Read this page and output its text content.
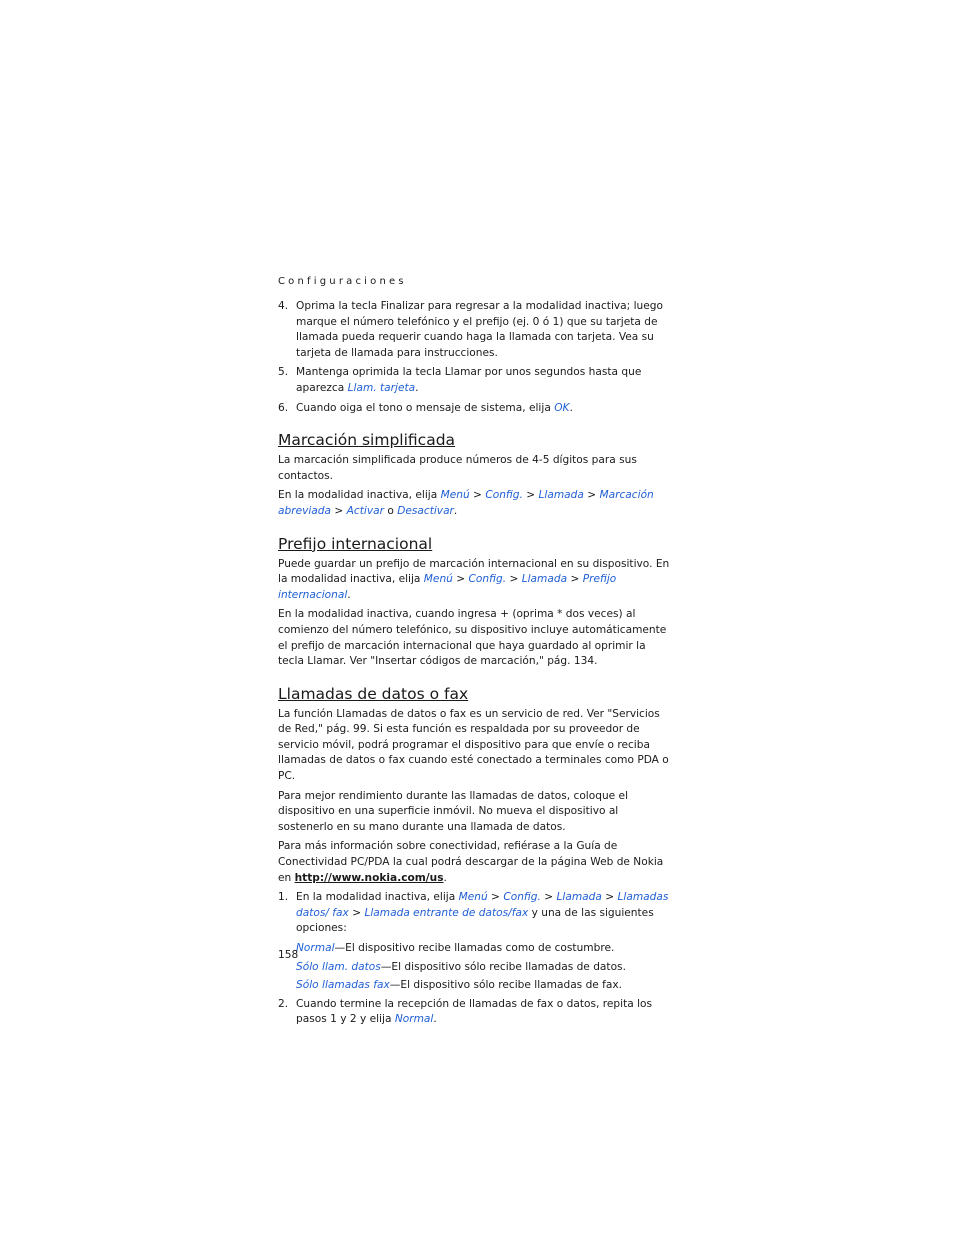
Configuraciones
4. Oprima la tecla Finalizar para regresar a la modalidad inactiva; luego marque el número telefónico y el prefijo (ej. 0 ó 1) que su tarjeta de llamada pueda requerir cuando haga la llamada con tarjeta. Vea su tarjeta de llamada para instrucciones.
5. Mantenga oprimida la tecla Llamar por unos segundos hasta que aparezca Llam. tarjeta.
6. Cuando oiga el tono o mensaje de sistema, elija OK.
Marcación simplificada

La marcación simplificada produce números de 4-5 dígitos para sus contactos.

En la modalidad inactiva, elija Menú > Config. > Llamada > Marcación abreviada > Activar o Desactivar.

Prefijo internacional

Puede guardar un prefijo de marcación internacional en su dispositivo. En la modalidad inactiva, elija Menú > Config. > Llamada > Prefijo internacional.

En la modalidad inactiva, cuando ingresa + (oprima * dos veces) al comienzo del número telefónico, su dispositivo incluye automáticamente el prefijo de marcación internacional que haya guardado al oprimir la tecla Llamar. Ver "Insertar códigos de marcación," pág. 134.

Llamadas de datos o fax

La función Llamadas de datos o fax es un servicio de red. Ver "Servicios de Red," pág. 99. Si esta función es respaldada por su proveedor de servicio móvil, podrá programar el dispositivo para que envíe o reciba llamadas de datos o fax cuando esté conectado a terminales como PDA o PC.

Para mejor rendimiento durante las llamadas de datos, coloque el dispositivo en una superficie inmóvil. No mueva el dispositivo al sostenerlo en su mano durante una llamada de datos.

Para más información sobre conectividad, refiérase a la Guía de Conectividad PC/PDA la cual podrá descargar de la página Web de Nokia en http://www.nokia.com/us.

1. En la modalidad inactiva, elija Menú > Config. > Llamada > Llamadas datos/ fax > Llamada entrante de datos/fax y una de las siguientes opciones:

Normal—El dispositivo recibe llamadas como de costumbre.

Sólo llam. datos—El dispositivo sólo recibe llamadas de datos.

Sólo llamadas fax—El dispositivo sólo recibe llamadas de fax.

2. Cuando termine la recepción de llamadas de fax o datos, repita los pasos 1 y 2 y elija Normal.
158
